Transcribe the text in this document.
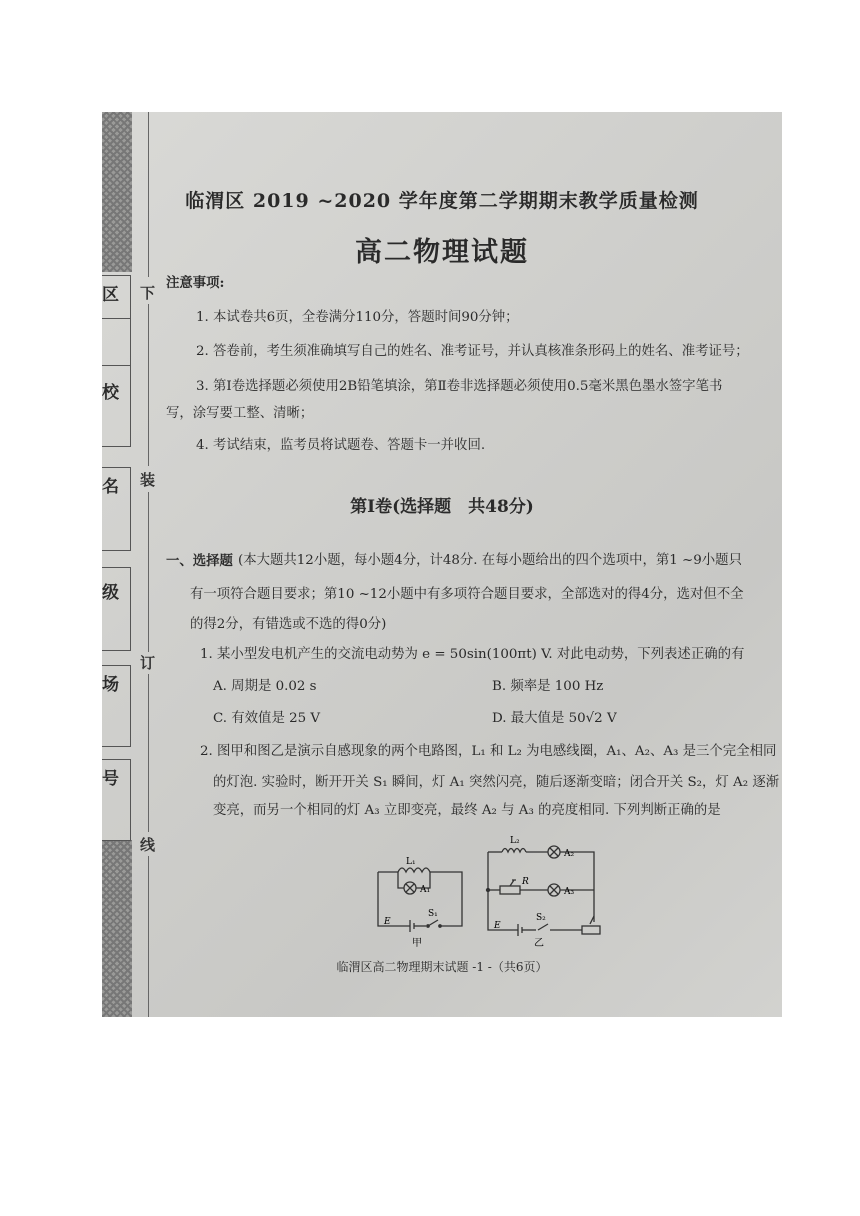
区
校
名
级
场
号
下
装
订
线
临渭区 2019 ~2020 学年度第二学期期末教学质量检测
高二物理试题
注意事项:
1. 本试卷共6页，全卷满分110分，答题时间90分钟；
2. 答卷前，考生须准确填写自己的姓名、准考证号，并认真核准条形码上的姓名、准考证号；
3. 第Ⅰ卷选择题必须使用2B铅笔填涂，第Ⅱ卷非选择题必须使用0.5毫米黑色墨水签字笔书
写，涂写要工整、清晰；
4. 考试结束，监考员将试题卷、答题卡一并收回.
第Ⅰ卷(选择题　共48分)
一、选择题 (本大题共12小题，每小题4分，计48分. 在每小题给出的四个选项中，第1 ~9小题只
有一项符合题目要求；第10 ~12小题中有多项符合题目要求，全部选对的得4分，选对但不全
的得2分，有错选或不选的得0分)
1. 某小型发电机产生的交流电动势为 e = 50sin(100πt) V. 对此电动势，下列表述正确的有
A. 周期是 0.02 s	B. 频率是 100 Hz
C. 有效值是 25 V	D. 最大值是 50√2 V
2. 图甲和图乙是演示自感现象的两个电路图，L₁ 和 L₂ 为电感线圈，A₁、A₂、A₃ 是三个完全相同
的灯泡. 实验时，断开开关 S₁ 瞬间，灯 A₁ 突然闪亮，随后逐渐变暗；闭合开关 S₂，灯 A₂ 逐渐
变亮，而另一个相同的灯 A₃ 立即变亮，最终 A₂ 与 A₃ 的亮度相同. 下列判断正确的是
L₁
A₁
E
S₁
甲
L₂
A₂
R
A₃
E
S₂
乙
临渭区高二物理期末试题 -1 -（共6页）
